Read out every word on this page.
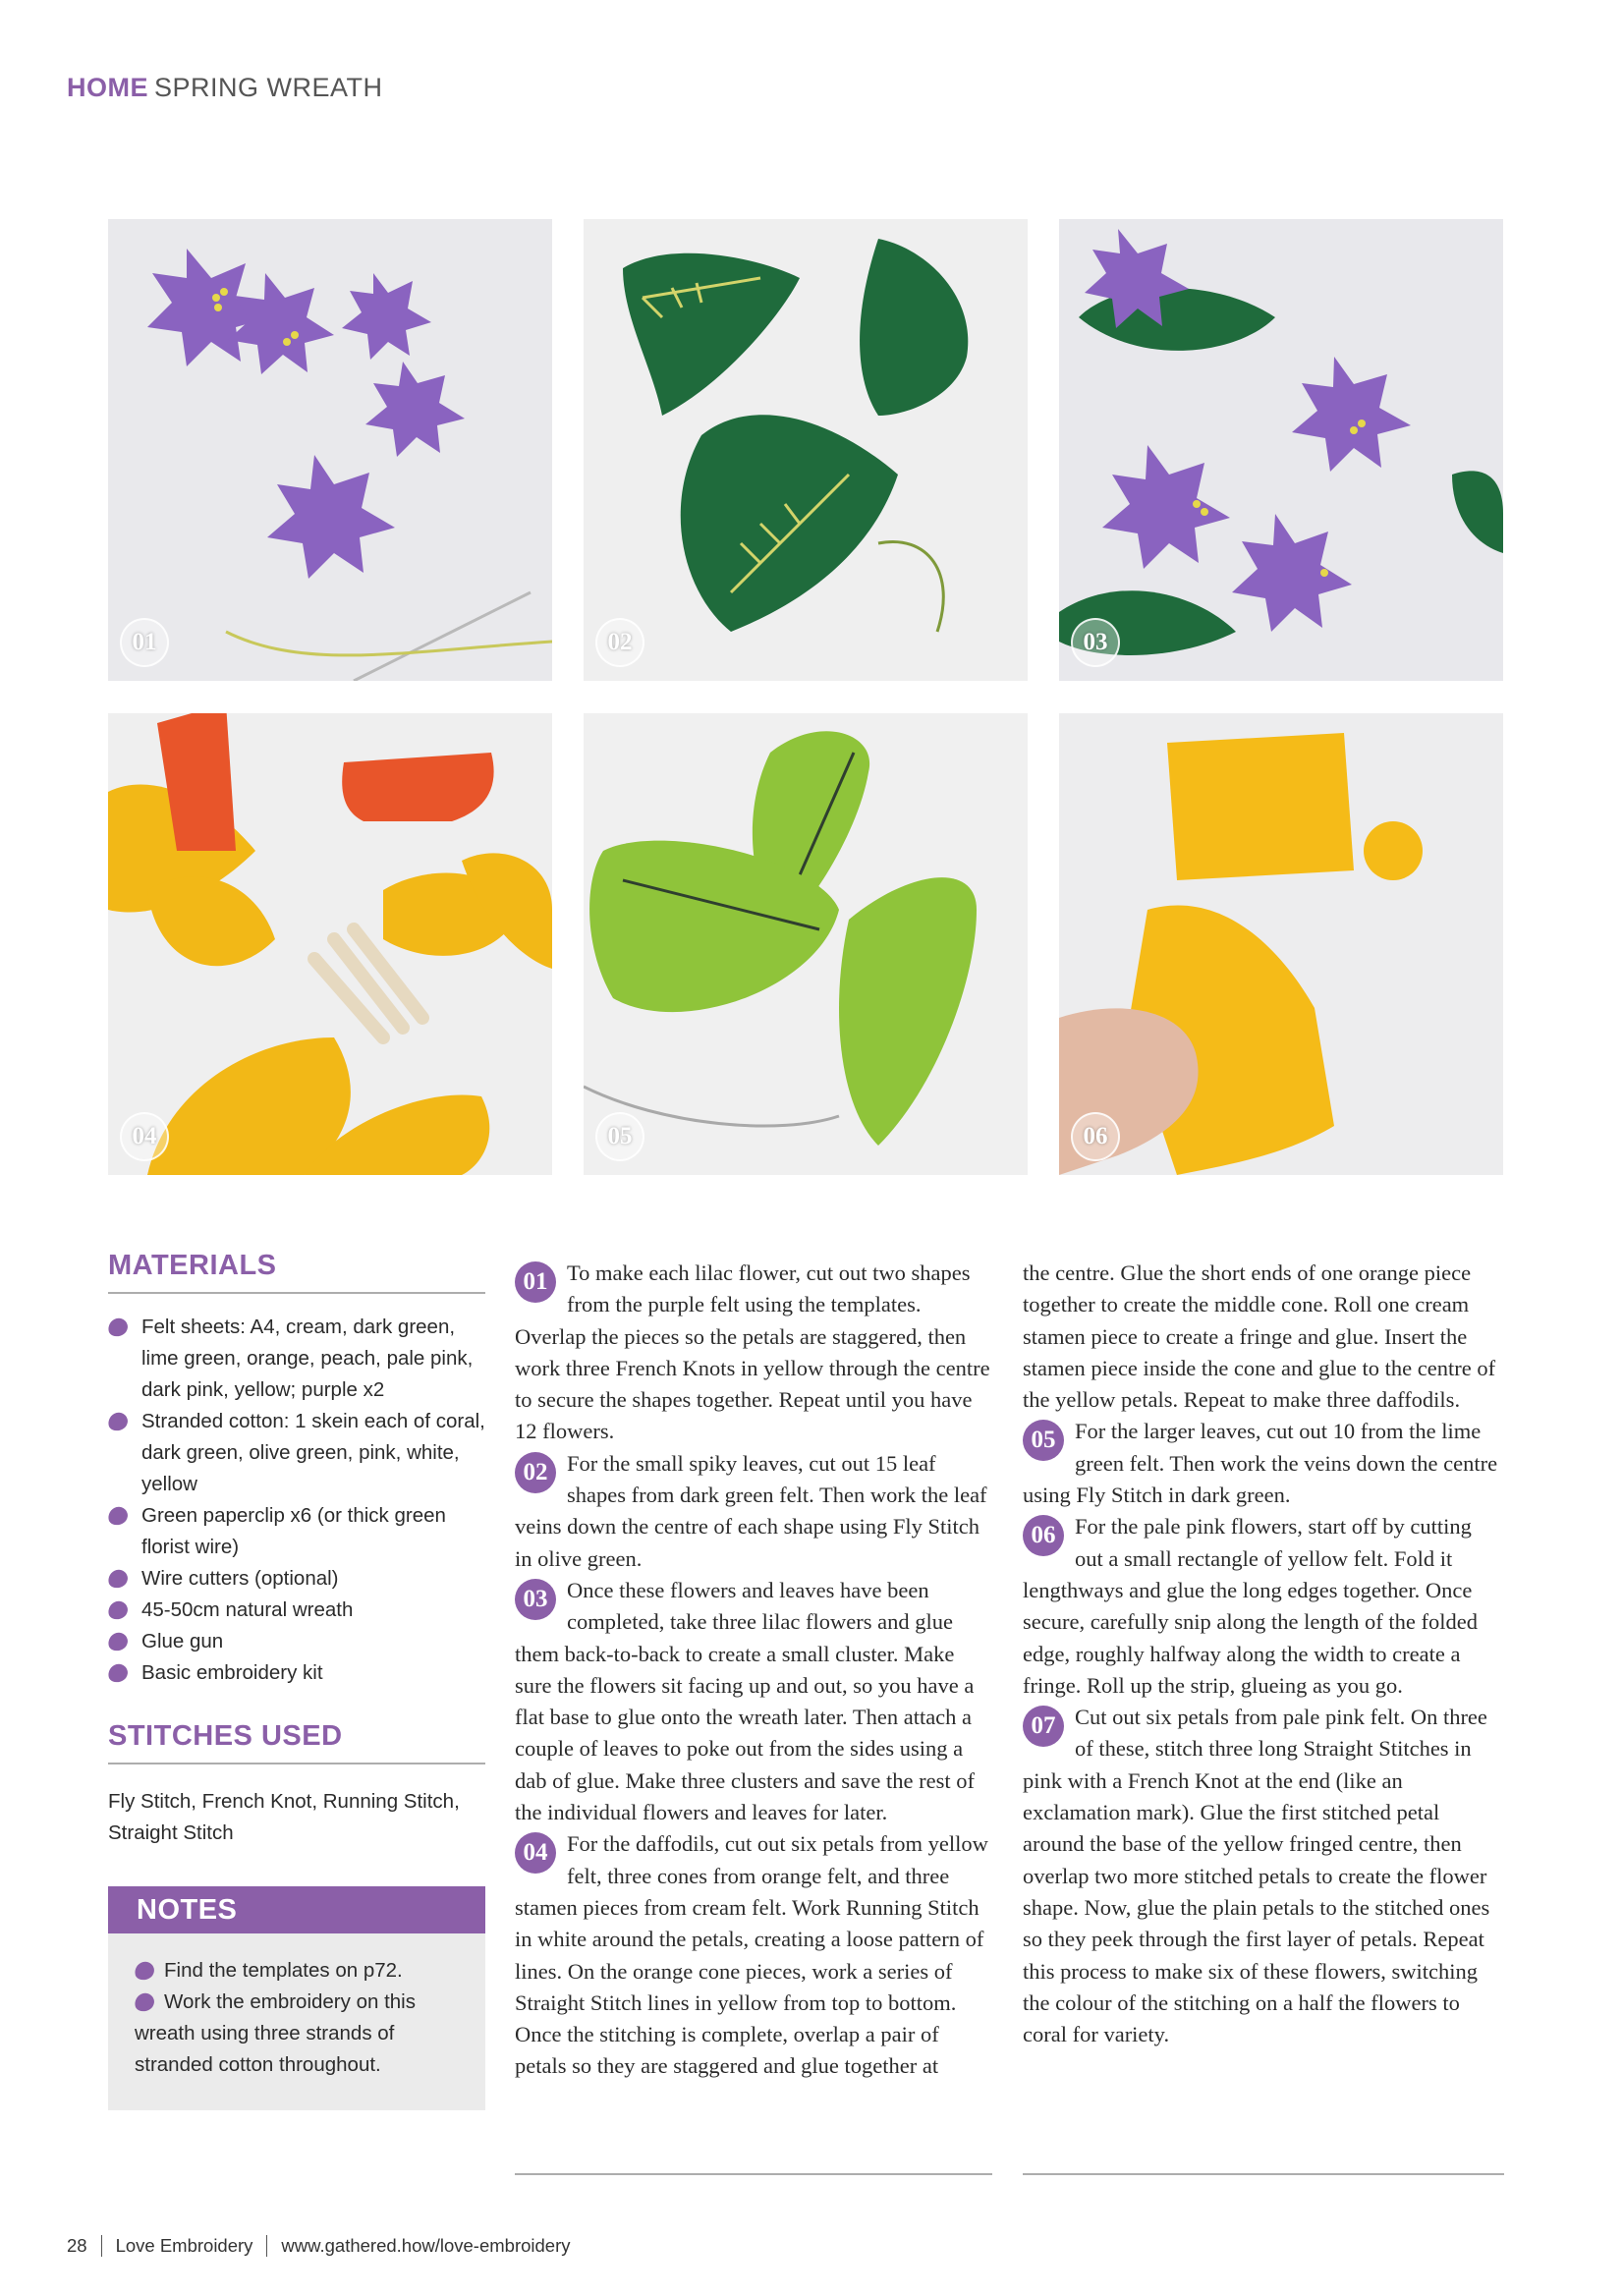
HOME SPRING WREATH
01	02	03
04	05	06
MATERIALS
Felt sheets: A4, cream, dark green, lime green, orange, peach, pale pink, dark pink, yellow; purple x2
Stranded cotton: 1 skein each of coral, dark green, olive green, pink, white, yellow
Green paperclip x6 (or thick green florist wire)
Wire cutters (optional)
45-50cm natural wreath
Glue gun
Basic embroidery kit
STITCHES USED
Fly Stitch, French Knot, Running Stitch, Straight Stitch
NOTES
Find the templates on p72.
Work the embroidery on this wreath using three strands of stranded cotton throughout.

01 To make each lilac flower, cut out two shapes from the purple felt using the templates. Overlap the pieces so the petals are staggered, then work three French Knots in yellow through the centre to secure the shapes together. Repeat until you have 12 flowers.

02 For the small spiky leaves, cut out 15 leaf shapes from dark green felt. Then work the leaf veins down the centre of each shape using Fly Stitch in olive green.

03 Once these flowers and leaves have been completed, take three lilac flowers and glue them back-to-back to create a small cluster. Make sure the flowers sit facing up and out, so you have a flat base to glue onto the wreath later. Then attach a couple of leaves to poke out from the sides using a dab of glue. Make three clusters and save the rest of the individual flowers and leaves for later.

04 For the daffodils, cut out six petals from yellow felt, three cones from orange felt, and three stamen pieces from cream felt. Work Running Stitch in white around the petals, creating a loose pattern of lines. On the orange cone pieces, work a series of Straight Stitch lines in yellow from top to bottom. Once the stitching is complete, overlap a pair of petals so they are staggered and glue together at

the centre. Glue the short ends of one orange piece together to create the middle cone. Roll one cream stamen piece to create a fringe and glue. Insert the stamen piece inside the cone and glue to the centre of the yellow petals. Repeat to make three daffodils.

05 For the larger leaves, cut out 10 from the lime green felt. Then work the veins down the centre using Fly Stitch in dark green.

06 For the pale pink flowers, start off by cutting out a small rectangle of yellow felt. Fold it lengthways and glue the long edges together. Once secure, carefully snip along the length of the folded edge, roughly halfway along the width to create a fringe. Roll up the strip, glueing as you go.

07 Cut out six petals from pale pink felt. On three of these, stitch three long Straight Stitches in pink with a French Knot at the end (like an exclamation mark). Glue the first stitched petal around the base of the yellow fringed centre, then overlap two more stitched petals to create the flower shape. Now, glue the plain petals to the stitched ones so they peek through the first layer of petals. Repeat this process to make six of these flowers, switching the colour of the stitching on a half the flowers to coral for variety.

28 Love Embroidery www.gathered.how/love-embroidery
